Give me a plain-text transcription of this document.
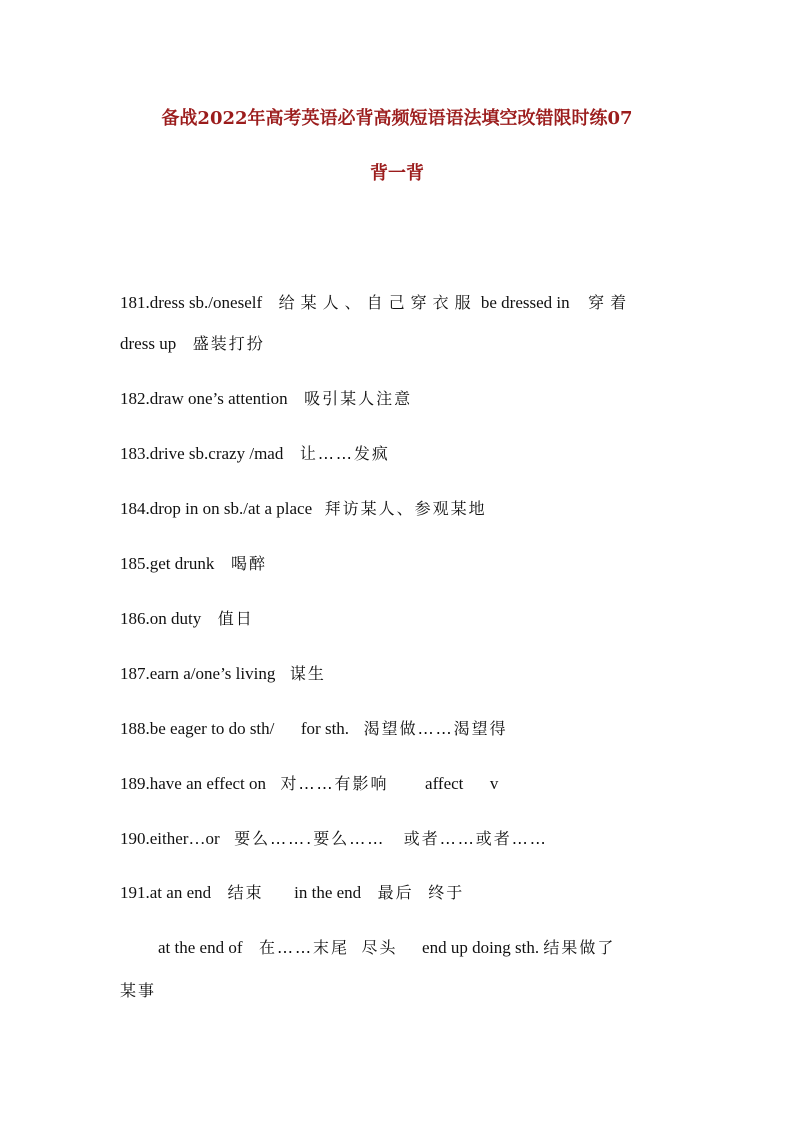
备战2022年高考英语必背高频短语语法填空改错限时练07
背一背
181.dress sb./oneself 给某人、自己穿衣服 be dressed in 穿着
dress up 盛装打扮
182.draw one’s attention 吸引某人注意
183.drive sb.crazy /mad 让……发疯
184.drop in on sb./at a place 拜访某人、参观某地
185.get drunk 喝醉
186.on duty 值日
187.earn a/one’s living 谋生
188.be eager to do sth/ for sth. 渴望做……渴望得
189.have an effect on 对……有影响 affect v
190.either…or 要么…….要么…… 或者……或者……
191.at an end 结束 in the end 最后 终于
at the end of 在……末尾 尽头 end up doing sth. 结果做了
某事
